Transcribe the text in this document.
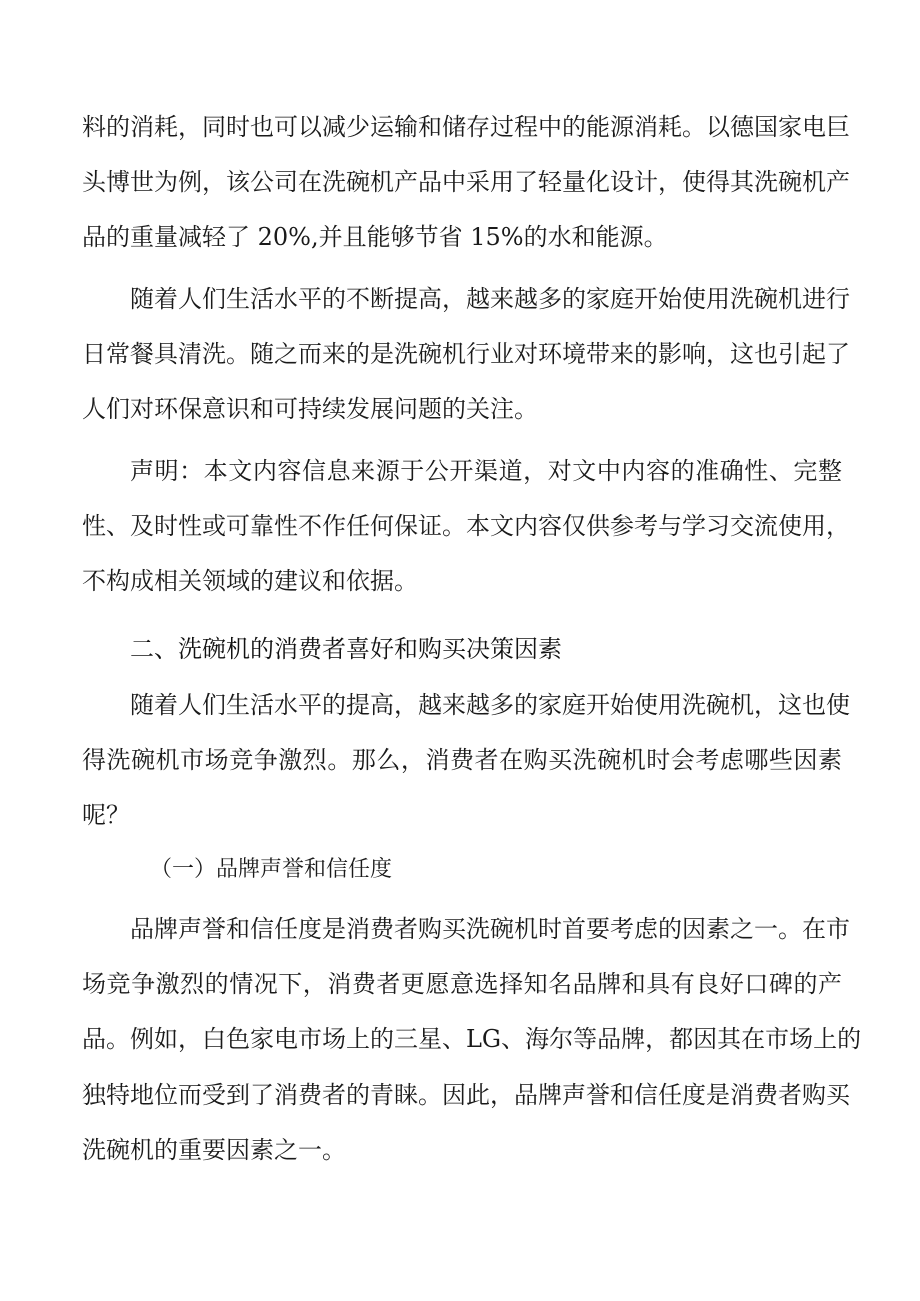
料的消耗，同时也可以减少运输和储存过程中的能源消耗。以德国家电巨
头博世为例，该公司在洗碗机产品中采用了轻量化设计，使得其洗碗机产
品的重量减轻了 20%,并且能够节省 15%的水和能源。
随着人们生活水平的不断提高，越来越多的家庭开始使用洗碗机进行
日常餐具清洗。随之而来的是洗碗机行业对环境带来的影响，这也引起了
人们对环保意识和可持续发展问题的关注。
声明：本文内容信息来源于公开渠道，对文中内容的准确性、完整
性、及时性或可靠性不作任何保证。本文内容仅供参考与学习交流使用，
不构成相关领域的建议和依据。
二、洗碗机的消费者喜好和购买决策因素
随着人们生活水平的提高，越来越多的家庭开始使用洗碗机，这也使
得洗碗机市场竞争激烈。那么，消费者在购买洗碗机时会考虑哪些因素
呢？
（一）品牌声誉和信任度
品牌声誉和信任度是消费者购买洗碗机时首要考虑的因素之一。在市
场竞争激烈的情况下，消费者更愿意选择知名品牌和具有良好口碑的产
品。例如，白色家电市场上的三星、LG、海尔等品牌，都因其在市场上的
独特地位而受到了消费者的青睐。因此，品牌声誉和信任度是消费者购买
洗碗机的重要因素之一。
